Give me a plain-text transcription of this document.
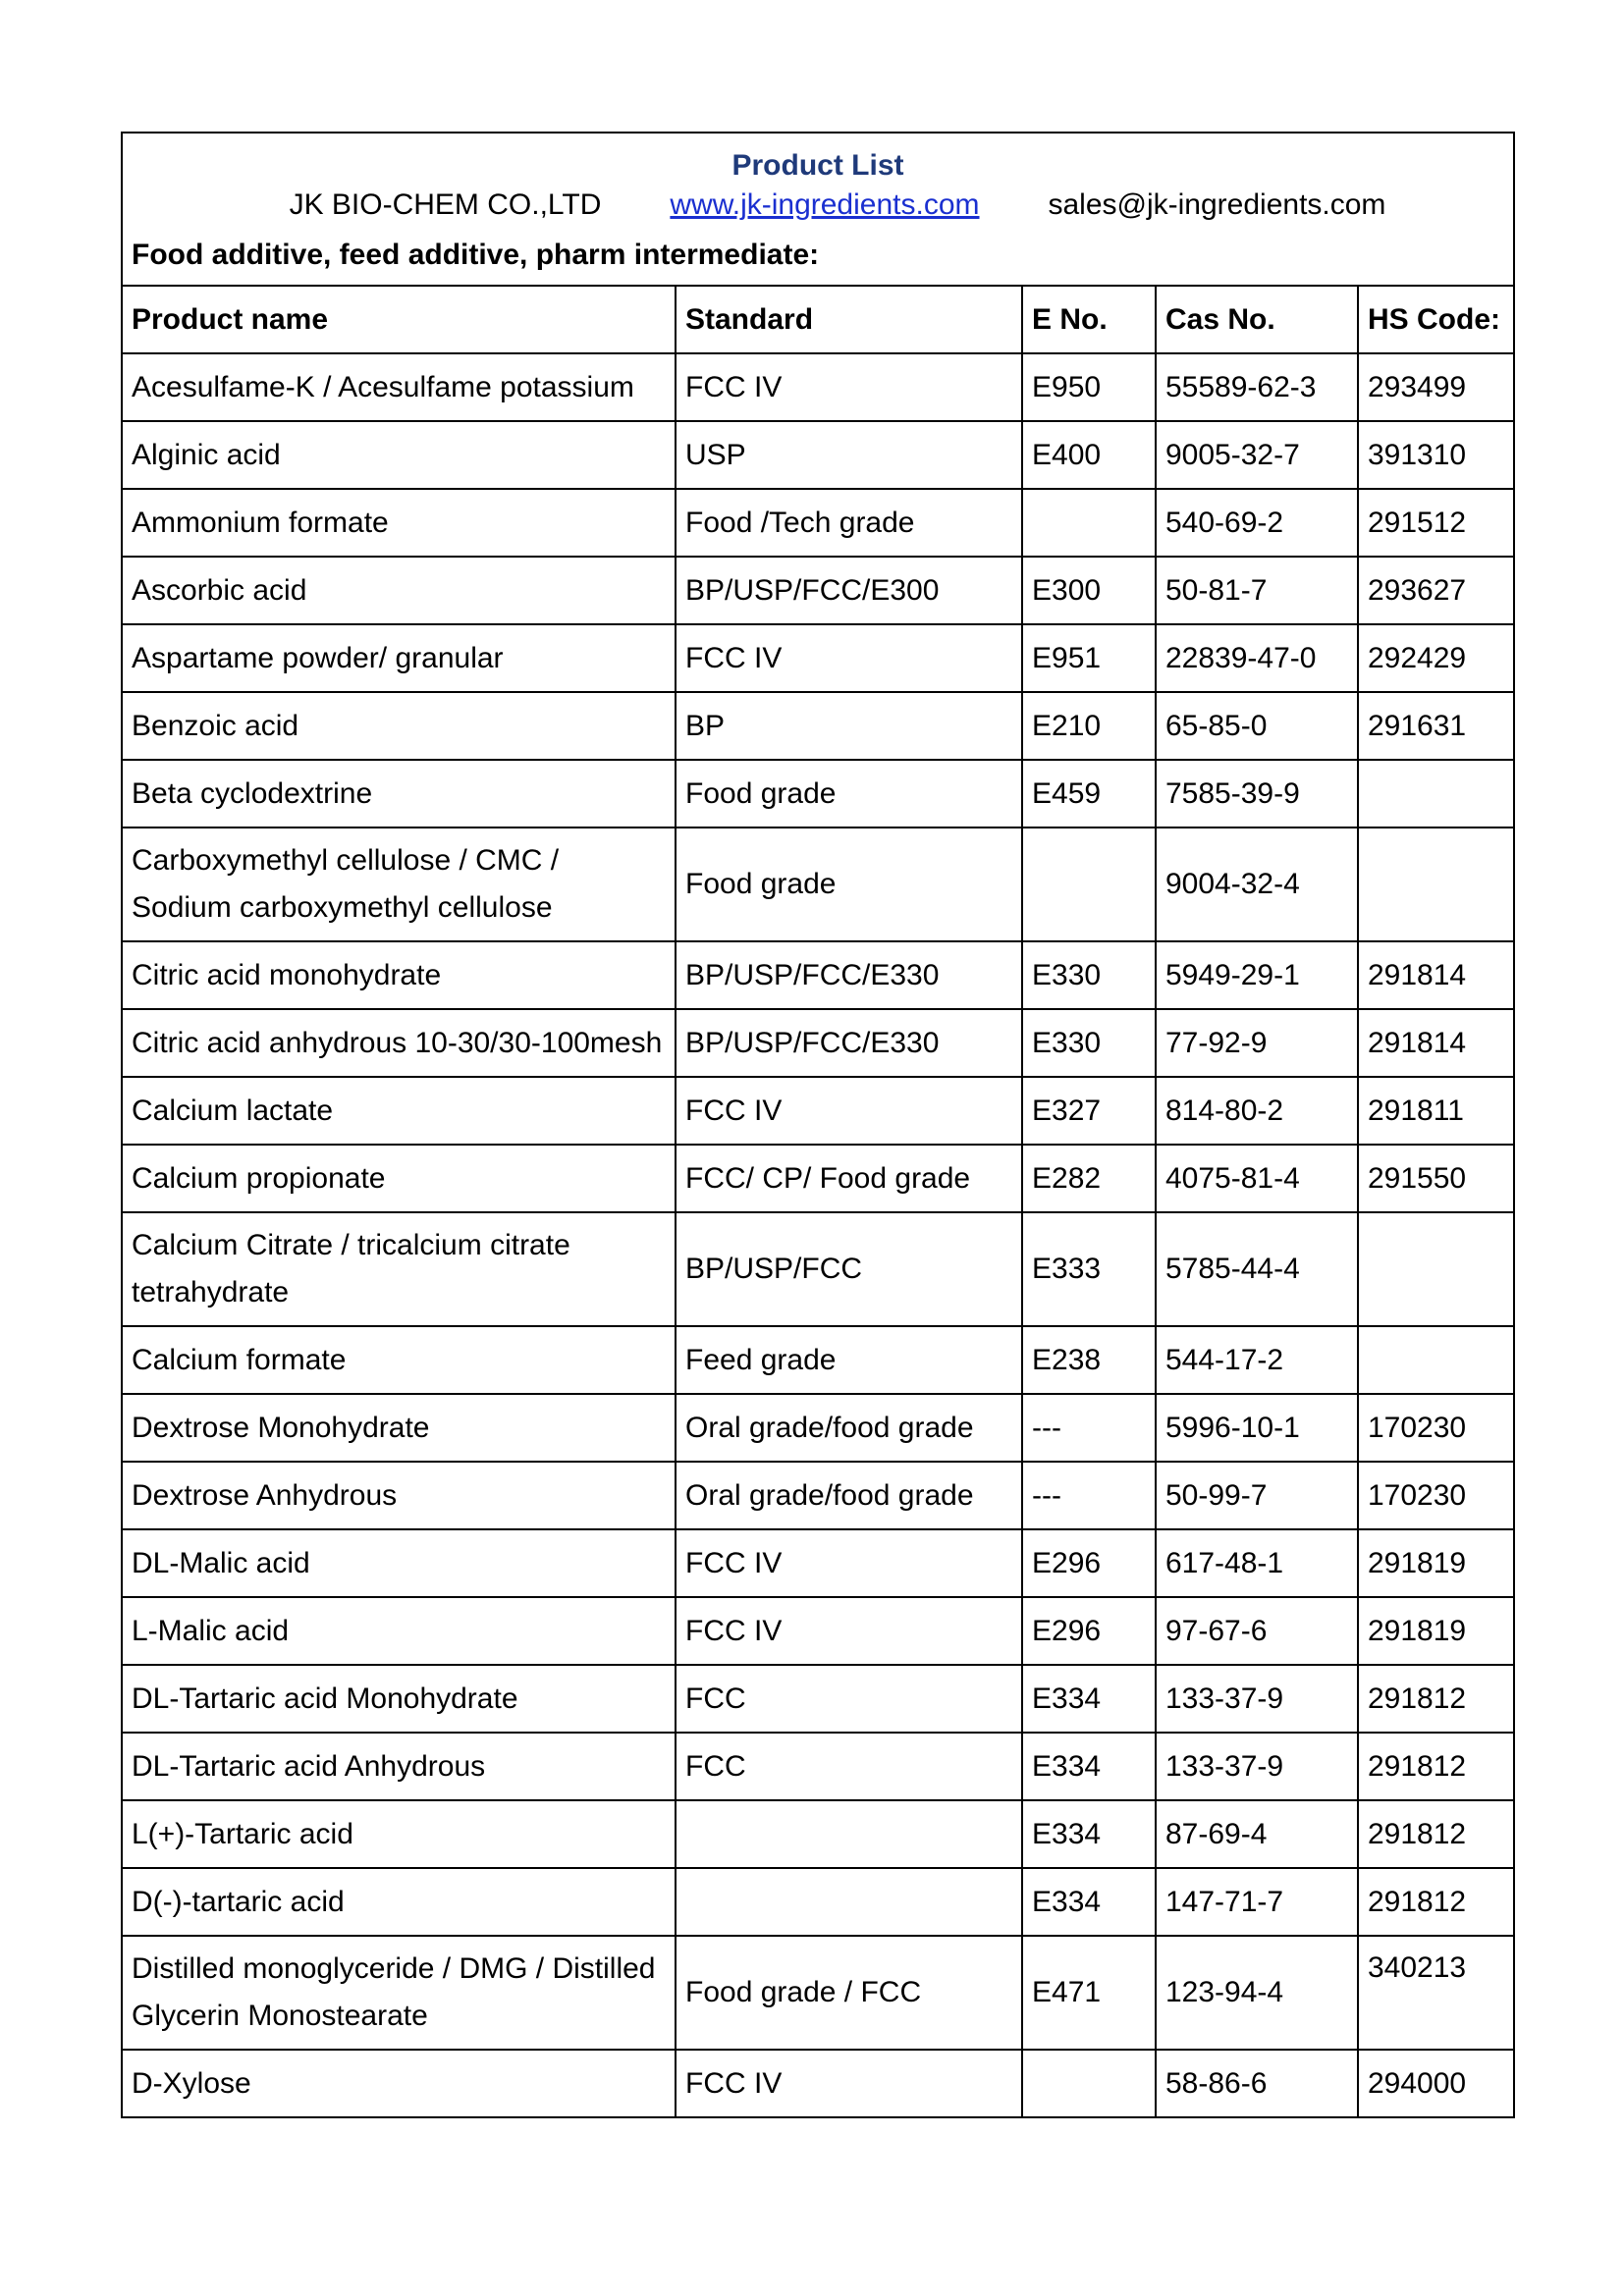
Product List
JK BIO-CHEM CO.,LTD www.jk-ingredients.com sales@jk-ingredients.com				

Food additive, feed additive, pharm intermediate:				
Product name	Standard	E No.	Cas No.	HS Code:
Acesulfame-K / Acesulfame potassium	FCC IV	E950	55589-62-3	293499
Alginic acid	USP	E400	9005-32-7	391310
Ammonium formate	Food /Tech grade		540-69-2	291512
Ascorbic acid	BP/USP/FCC/E300	E300	50-81-7	293627
Aspartame powder/ granular	FCC IV	E951	22839-47-0	292429
Benzoic acid	BP	E210	65-85-0	291631
Beta cyclodextrine	Food grade	E459	7585-39-9	
Carboxymethyl cellulose / CMC / Sodium carboxymethyl cellulose	Food grade		9004-32-4	
Citric acid monohydrate	BP/USP/FCC/E330	E330	5949-29-1	291814
Citric acid anhydrous 10-30/30-100mesh	BP/USP/FCC/E330	E330	77-92-9	291814
Calcium lactate	FCC IV	E327	814-80-2	291811
Calcium propionate	FCC/ CP/ Food grade	E282	4075-81-4	291550
Calcium Citrate / tricalcium citrate tetrahydrate	BP/USP/FCC	E333	5785-44-4	
Calcium formate	Feed grade	E238	544-17-2	
Dextrose Monohydrate	Oral grade/food grade	---	5996-10-1	170230
Dextrose Anhydrous	Oral grade/food grade	---	50-99-7	170230
DL-Malic acid	FCC IV	E296	617-48-1	291819
L-Malic acid	FCC IV	E296	97-67-6	291819
DL-Tartaric acid Monohydrate	FCC	E334	133-37-9	291812
DL-Tartaric acid Anhydrous	FCC	E334	133-37-9	291812
L(+)-Tartaric acid		E334	87-69-4	291812
D(-)-tartaric acid		E334	147-71-7	291812
Distilled monoglyceride / DMG / Distilled Glycerin Monostearate	Food grade / FCC	E471	123-94-4	340213
D-Xylose	FCC IV		58-86-6	294000
